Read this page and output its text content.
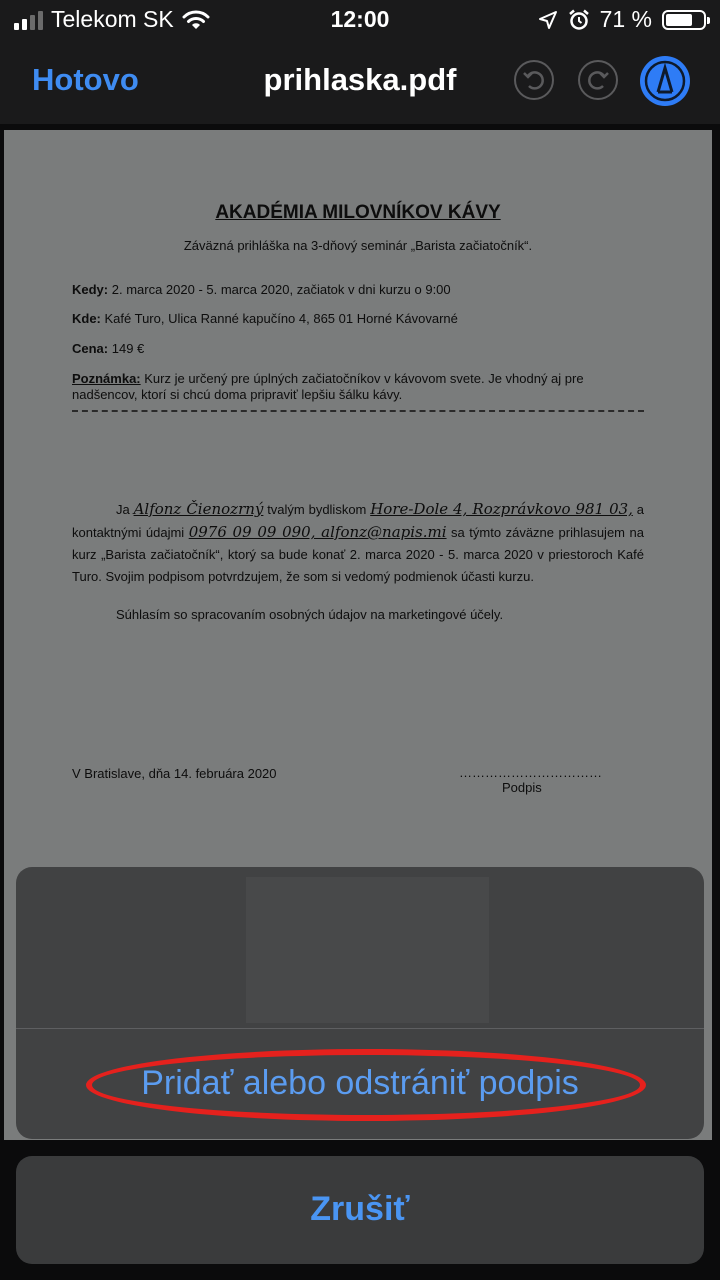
Telekom SK	12:00	71 %
Hotovo	prihlaska.pdf
AKADÉMIA MILOVNÍKOV KÁVY
Záväzná prihláška na 3-dňový seminár „Barista začiatočník“.
Kedy: 2. marca 2020 - 5. marca 2020, začiatok v dni kurzu o 9:00
Kde: Kafé Turo, Ulica Ranné kapučíno 4, 865 01 Horné Kávovarné
Cena: 149 €
Poznámka: Kurz je určený pre úplných začiatočníkov v kávovom svete. Je vhodný aj pre nadšencov, ktorí si chcú doma pripraviť lepšiu šálku kávy.
Ja Alfonz Čienozrný tvalým bydliskom Hore-Dole 4, Rozprávkovo 981 03, a kontaktnými údajmi 0976 09 09 090, alfonz@napis.mi sa týmto záväzne prihlasujem na kurz „Barista začiatočník“, ktorý sa bude konať 2. marca 2020 - 5. marca 2020 v priestoroch Kafé Turo. Svojim podpisom potvrdzujem, že som si vedomý podmienok účasti kurzu.
Súhlasím so spracovaním osobných údajov na marketingové účely.
V Bratislave, dňa 14. februára 2020	……………………………
Podpis
Pridať alebo odstrániť podpis
Zrušiť
